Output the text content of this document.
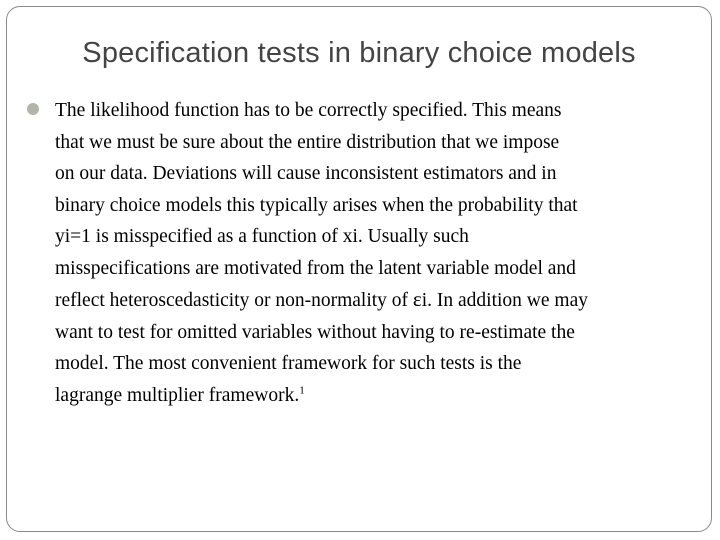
Specification tests in binary choice models
The likelihood function has to be correctly specified. This means
that we must be sure about the entire distribution that we impose
on our data. Deviations will cause inconsistent estimators and in
binary choice models this typically arises when the probability that
yi=1 is misspecified as a function of xi. Usually such
misspecifications are motivated from the latent variable model and
reflect heteroscedasticity or non-normality of εi. In addition we may
want to test for omitted variables without having to re-estimate the
model. The most convenient framework for such tests is the
lagrange multiplier framework.$^1$
